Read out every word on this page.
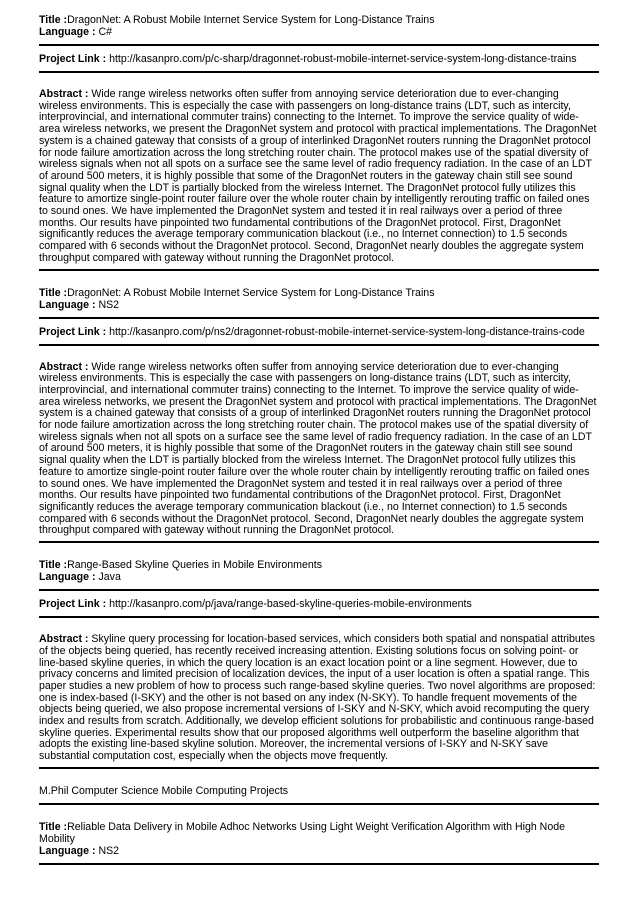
Title :DragonNet: A Robust Mobile Internet Service System for Long-Distance Trains
Language : C#
Project Link : http://kasanpro.com/p/c-sharp/dragonnet-robust-mobile-internet-service-system-long-distance-trains
Abstract : Wide range wireless networks often suffer from annoying service deterioration due to ever-changing wireless environments. This is especially the case with passengers on long-distance trains (LDT, such as intercity, interprovincial, and international commuter trains) connecting to the Internet. To improve the service quality of wide-area wireless networks, we present the DragonNet system and protocol with practical implementations. The DragonNet system is a chained gateway that consists of a group of interlinked DragonNet routers running the DragonNet protocol for node failure amortization across the long stretching router chain. The protocol makes use of the spatial diversity of wireless signals when not all spots on a surface see the same level of radio frequency radiation. In the case of an LDT of around 500 meters, it is highly possible that some of the DragonNet routers in the gateway chain still see sound signal quality when the LDT is partially blocked from the wireless Internet. The DragonNet protocol fully utilizes this feature to amortize single-point router failure over the whole router chain by intelligently rerouting traffic on failed ones to sound ones. We have implemented the DragonNet system and tested it in real railways over a period of three months. Our results have pinpointed two fundamental contributions of the DragonNet protocol. First, DragonNet significantly reduces the average temporary communication blackout (i.e., no Internet connection) to 1.5 seconds compared with 6 seconds without the DragonNet protocol. Second, DragonNet nearly doubles the aggregate system throughput compared with gateway without running the DragonNet protocol.
Title :DragonNet: A Robust Mobile Internet Service System for Long-Distance Trains
Language : NS2
Project Link : http://kasanpro.com/p/ns2/dragonnet-robust-mobile-internet-service-system-long-distance-trains-code
Abstract : Wide range wireless networks often suffer from annoying service deterioration due to ever-changing wireless environments. This is especially the case with passengers on long-distance trains (LDT, such as intercity, interprovincial, and international commuter trains) connecting to the Internet. To improve the service quality of wide-area wireless networks, we present the DragonNet system and protocol with practical implementations. The DragonNet system is a chained gateway that consists of a group of interlinked DragonNet routers running the DragonNet protocol for node failure amortization across the long stretching router chain. The protocol makes use of the spatial diversity of wireless signals when not all spots on a surface see the same level of radio frequency radiation. In the case of an LDT of around 500 meters, it is highly possible that some of the DragonNet routers in the gateway chain still see sound signal quality when the LDT is partially blocked from the wireless Internet. The DragonNet protocol fully utilizes this feature to amortize single-point router failure over the whole router chain by intelligently rerouting traffic on failed ones to sound ones. We have implemented the DragonNet system and tested it in real railways over a period of three months. Our results have pinpointed two fundamental contributions of the DragonNet protocol. First, DragonNet significantly reduces the average temporary communication blackout (i.e., no Internet connection) to 1.5 seconds compared with 6 seconds without the DragonNet protocol. Second, DragonNet nearly doubles the aggregate system throughput compared with gateway without running the DragonNet protocol.
Title :Range-Based Skyline Queries in Mobile Environments
Language : Java
Project Link : http://kasanpro.com/p/java/range-based-skyline-queries-mobile-environments
Abstract : Skyline query processing for location-based services, which considers both spatial and nonspatial attributes of the objects being queried, has recently received increasing attention. Existing solutions focus on solving point- or line-based skyline queries, in which the query location is an exact location point or a line segment. However, due to privacy concerns and limited precision of localization devices, the input of a user location is often a spatial range. This paper studies a new problem of how to process such range-based skyline queries. Two novel algorithms are proposed: one is index-based (I-SKY) and the other is not based on any index (N-SKY). To handle frequent movements of the objects being queried, we also propose incremental versions of I-SKY and N-SKY, which avoid recomputing the query index and results from scratch. Additionally, we develop efficient solutions for probabilistic and continuous range-based skyline queries. Experimental results show that our proposed algorithms well outperform the baseline algorithm that adopts the existing line-based skyline solution. Moreover, the incremental versions of I-SKY and N-SKY save substantial computation cost, especially when the objects move frequently.
M.Phil Computer Science Mobile Computing Projects
Title :Reliable Data Delivery in Mobile Adhoc Networks Using Light Weight Verification Algorithm with High Node Mobility
Language : NS2
